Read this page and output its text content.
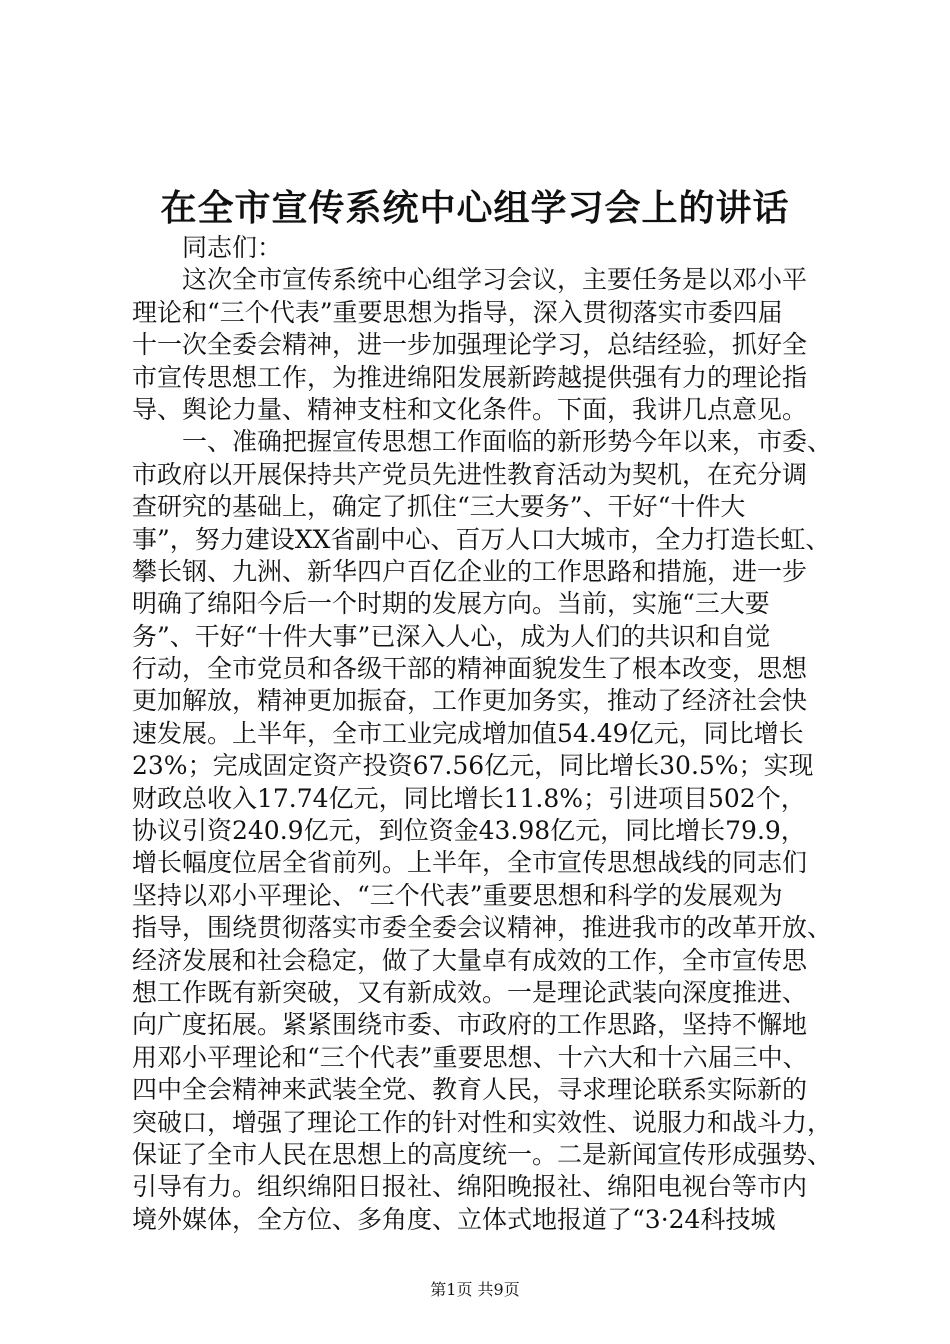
在全市宣传系统中心组学习会上的讲话
　　同志们：
　　这次全市宣传系统中心组学习会议，主要任务是以邓小平
理论和“三个代表”重要思想为指导，深入贯彻落实市委四届
十一次全委会精神，进一步加强理论学习，总结经验，抓好全
市宣传思想工作，为推进绵阳发展新跨越提供强有力的理论指
导、舆论力量、精神支柱和文化条件。下面，我讲几点意见。
　　一、准确把握宣传思想工作面临的新形势今年以来，市委、
市政府以开展保持共产党员先进性教育活动为契机，在充分调
查研究的基础上，确定了抓住“三大要务”、干好“十件大
事”，努力建设XX省副中心、百万人口大城市，全力打造长虹、
攀长钢、九洲、新华四户百亿企业的工作思路和措施，进一步
明确了绵阳今后一个时期的发展方向。当前，实施“三大要
务”、干好“十件大事”已深入人心，成为人们的共识和自觉
行动，全市党员和各级干部的精神面貌发生了根本改变，思想
更加解放，精神更加振奋，工作更加务实，推动了经济社会快
速发展。上半年，全市工业完成增加值54.49亿元，同比增长
23%；完成固定资产投资67.56亿元，同比增长30.5%；实现
财政总收入17.74亿元，同比增长11.8%；引进项目502个，
协议引资240.9亿元，到位资金43.98亿元，同比增长79.9，
增长幅度位居全省前列。上半年，全市宣传思想战线的同志们
坚持以邓小平理论、“三个代表”重要思想和科学的发展观为
指导，围绕贯彻落实市委全委会议精神，推进我市的改革开放、
经济发展和社会稳定，做了大量卓有成效的工作，全市宣传思
想工作既有新突破，又有新成效。一是理论武装向深度推进、
向广度拓展。紧紧围绕市委、市政府的工作思路，坚持不懈地
用邓小平理论和“三个代表”重要思想、十六大和十六届三中、
四中全会精神来武装全党、教育人民，寻求理论联系实际新的
突破口，增强了理论工作的针对性和实效性、说服力和战斗力，
保证了全市人民在思想上的高度统一。二是新闻宣传形成强势、
引导有力。组织绵阳日报社、绵阳晚报社、绵阳电视台等市内
境外媒体，全方位、多角度、立体式地报道了“3·24科技城
第1页 共9页
